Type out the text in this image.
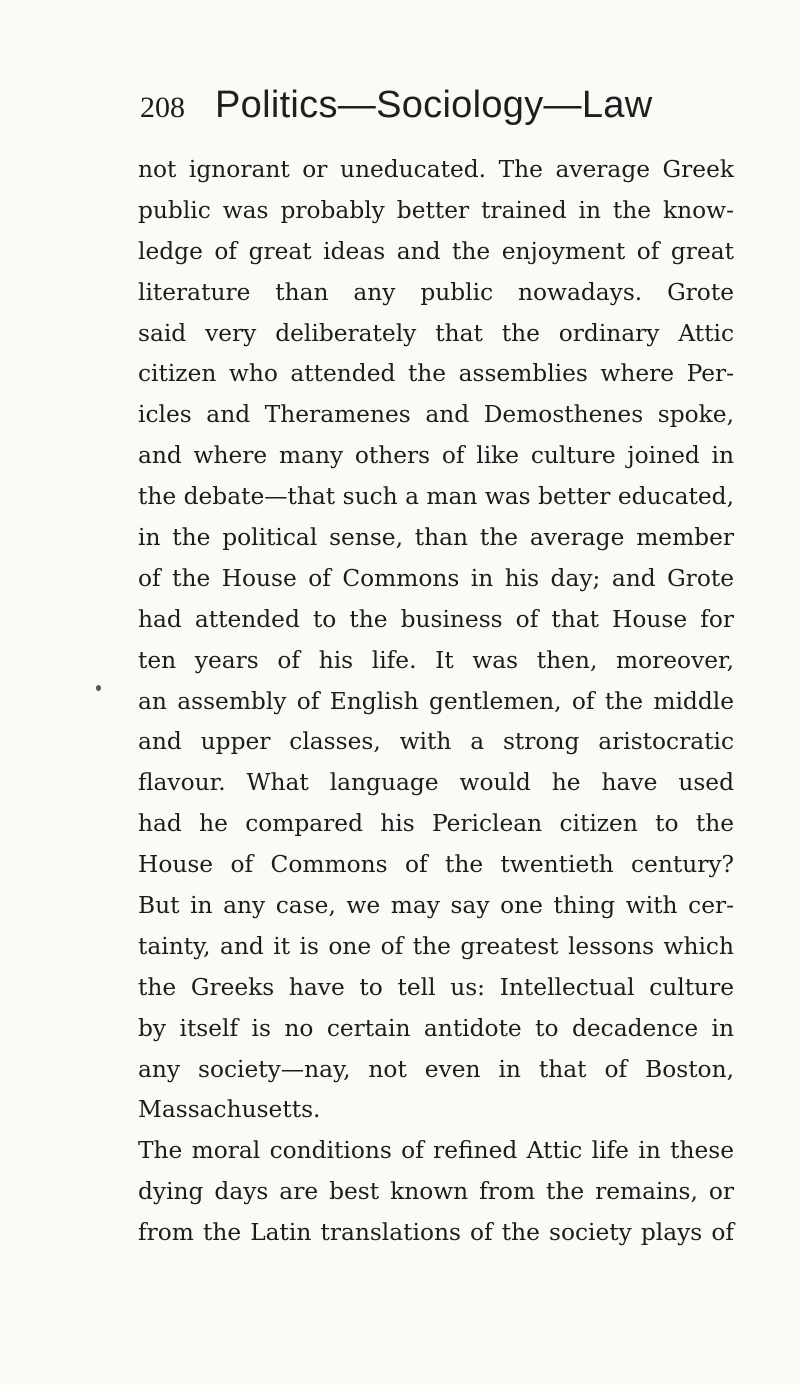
208 Politics—Sociology—Law
not ignorant or uneducated. The average Greek
public was probably better trained in the know-
ledge of great ideas and the enjoyment of great
literature than any public nowadays. Grote
said very deliberately that the ordinary Attic
citizen who attended the assemblies where Per-
icles and Theramenes and Demosthenes spoke,
and where many others of like culture joined in
the debate—that such a man was better educated,
in the political sense, than the average member
of the House of Commons in his day; and Grote
had attended to the business of that House for
ten years of his life. It was then, moreover,
an assembly of English gentlemen, of the middle
and upper classes, with a strong aristocratic
flavour. What language would he have used
had he compared his Periclean citizen to the
House of Commons of the twentieth century?
But in any case, we may say one thing with cer-
tainty, and it is one of the greatest lessons which
the Greeks have to tell us: Intellectual culture
by itself is no certain antidote to decadence in
any society—nay, not even in that of Boston,
Massachusetts.
The moral conditions of refined Attic life in these
dying days are best known from the remains, or
from the Latin translations of the society plays of
